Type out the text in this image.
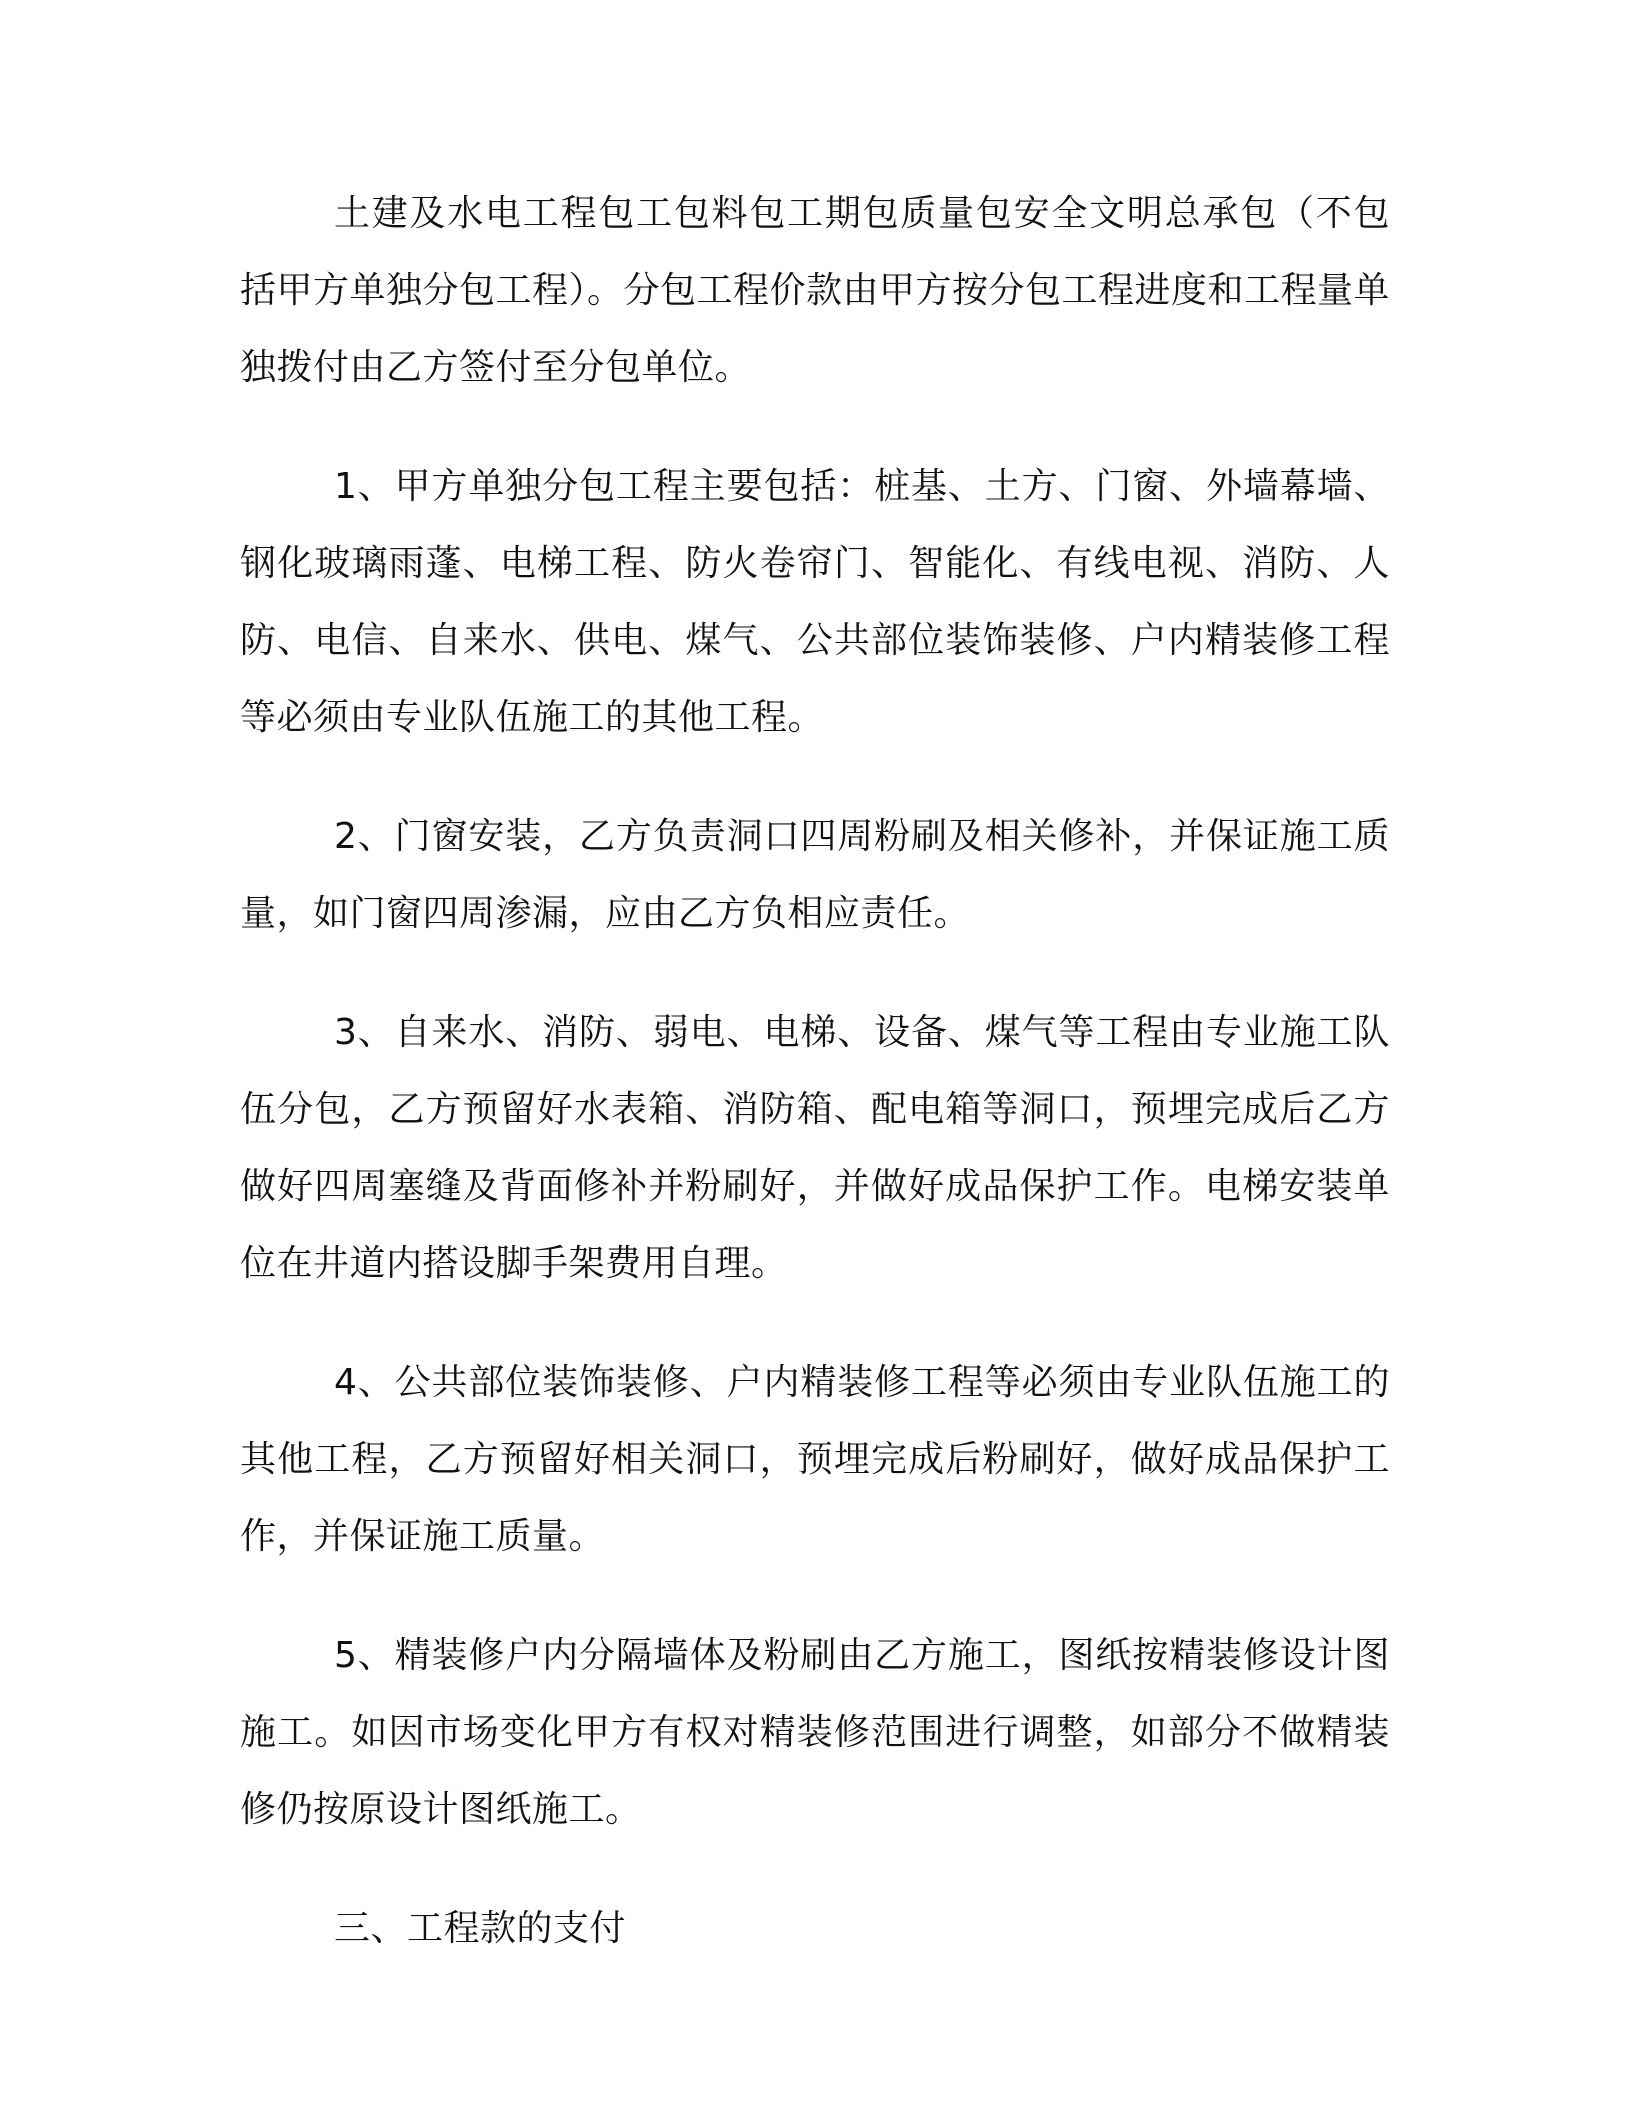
土建及水电工程包工包料包工期包质量包安全文明总承包（不包括甲方单独分包工程）。分包工程价款由甲方按分包工程进度和工程量单独拨付由乙方签付至分包单位。

1、甲方单独分包工程主要包括：桩基、土方、门窗、外墙幕墙、钢化玻璃雨蓬、电梯工程、防火卷帘门、智能化、有线电视、消防、人防、电信、自来水、供电、煤气、公共部位装饰装修、户内精装修工程等必须由专业队伍施工的其他工程。

2、门窗安装，乙方负责洞口四周粉刷及相关修补，并保证施工质量，如门窗四周渗漏，应由乙方负相应责任。

3、自来水、消防、弱电、电梯、设备、煤气等工程由专业施工队伍分包，乙方预留好水表箱、消防箱、配电箱等洞口，预埋完成后乙方做好四周塞缝及背面修补并粉刷好，并做好成品保护工作。电梯安装单位在井道内搭设脚手架费用自理。

4、公共部位装饰装修、户内精装修工程等必须由专业队伍施工的其他工程，乙方预留好相关洞口，预埋完成后粉刷好，做好成品保护工作，并保证施工质量。

5、精装修户内分隔墙体及粉刷由乙方施工，图纸按精装修设计图施工。如因市场变化甲方有权对精装修范围进行调整，如部分不做精装修仍按原设计图纸施工。

三、工程款的支付
